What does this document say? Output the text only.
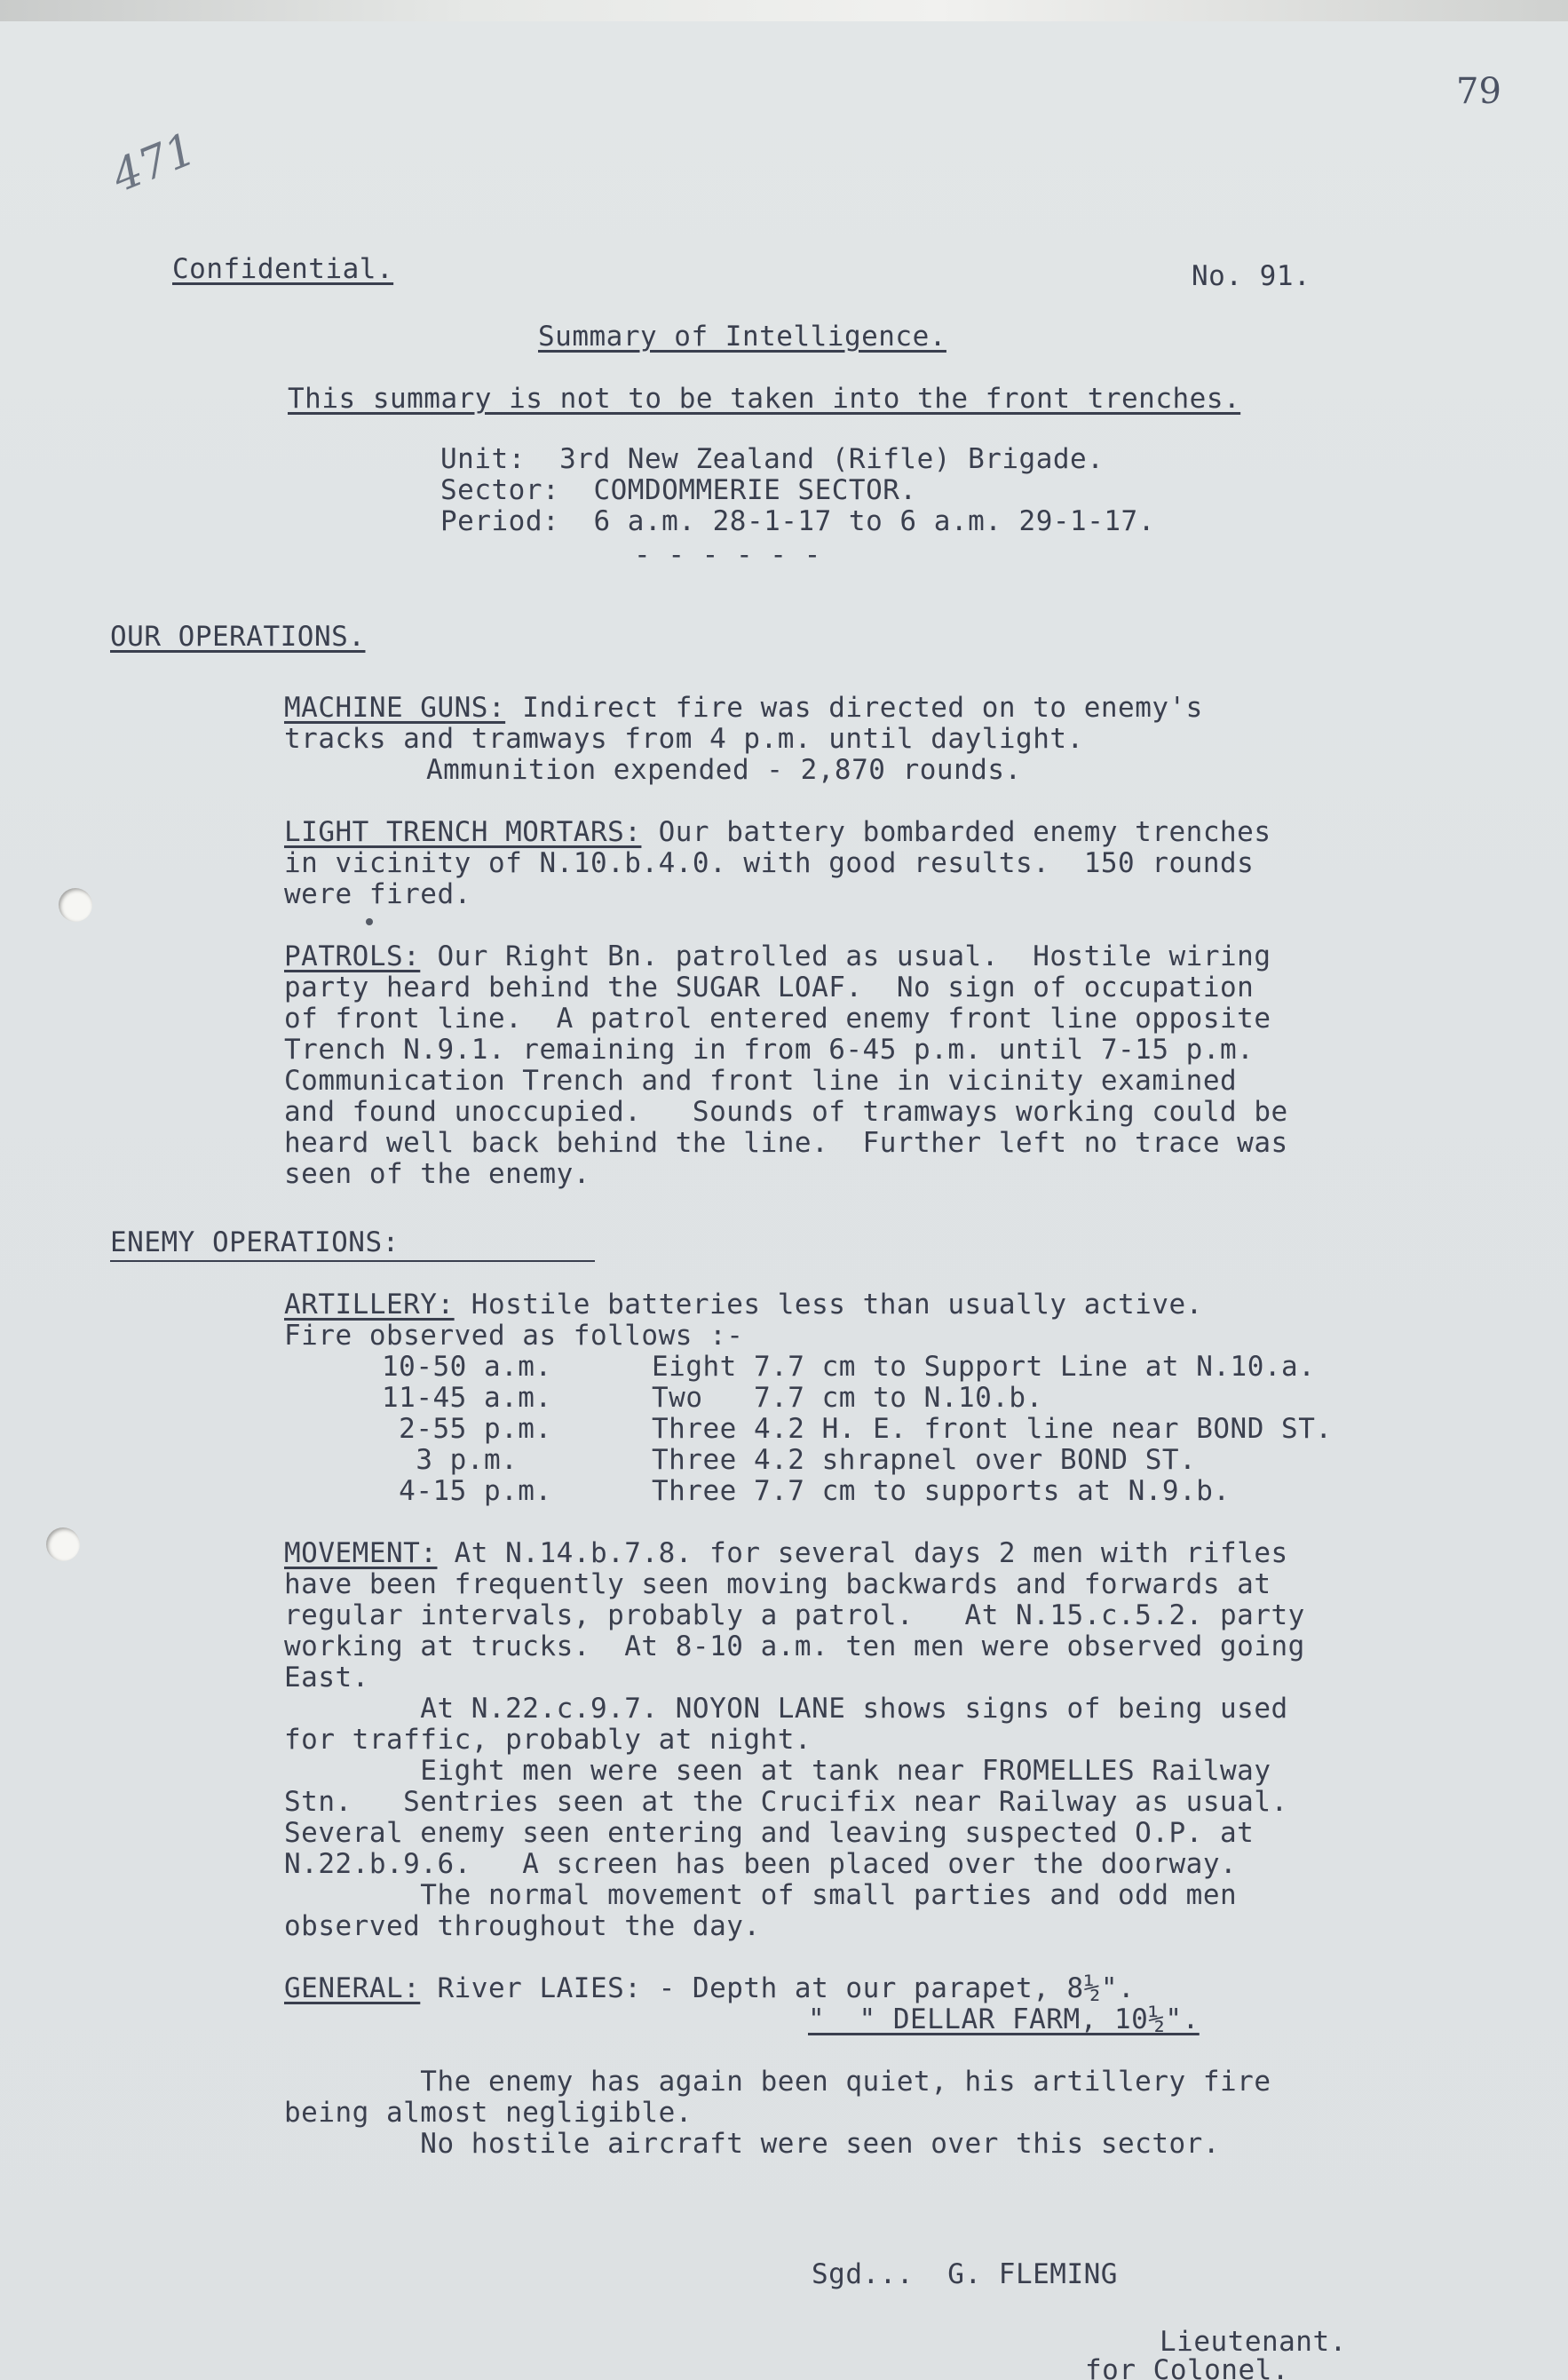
471
79
Confidential.	No. 91.
Summary of Intelligence.
This summary is not to be taken into the front trenches.
Unit:  3rd New Zealand (Rifle) Brigade.
Sector:  COMDOMMERIE SECTOR.
Period:  6 a.m. 28-1-17 to 6 a.m. 29-1-17.
- - - - - -
OUR OPERATIONS.
MACHINE GUNS: Indirect fire was directed on to enemy's
tracks and tramways from 4 p.m. until daylight.
Ammunition expended - 2,870 rounds.
LIGHT TRENCH MORTARS: Our battery bombarded enemy trenches
in vicinity of N.10.b.4.0. with good results.  150 rounds
were fired.
PATROLS: Our Right Bn. patrolled as usual.  Hostile wiring
party heard behind the SUGAR LOAF.  No sign of occupation
of front line.  A patrol entered enemy front line opposite
Trench N.9.1. remaining in from 6-45 p.m. until 7-15 p.m.
Communication Trench and front line in vicinity examined
and found unoccupied.   Sounds of tramways working could be
heard well back behind the line.  Further left no trace was
seen of the enemy.
ENEMY OPERATIONS:
ARTILLERY: Hostile batteries less than usually active.
Fire observed as follows :-
10-50 a.m.	Eight 7.7 cm to Support Line at N.10.a.
11-45 a.m.	Two   7.7 cm to N.10.b.
2-55 p.m.	Three 4.2 H. E. front line near BOND ST.
3 p.m.	Three 4.2 shrapnel over BOND ST.
4-15 p.m.	Three 7.7 cm to supports at N.9.b.
MOVEMENT: At N.14.b.7.8. for several days 2 men with rifles
have been frequently seen moving backwards and forwards at
regular intervals, probably a patrol.   At N.15.c.5.2. party
working at trucks.  At 8-10 a.m. ten men were observed going
East.
At N.22.c.9.7. NOYON LANE shows signs of being used
for traffic, probably at night.
Eight men were seen at tank near FROMELLES Railway
Stn.   Sentries seen at the Crucifix near Railway as usual.
Several enemy seen entering and leaving suspected O.P. at
N.22.b.9.6.   A screen has been placed over the doorway.
The normal movement of small parties and odd men
observed throughout the day.
GENERAL: River LAIES: - Depth at our parapet, 8½".
"  " DELLAR FARM, 10½".
The enemy has again been quiet, his artillery fire
being almost negligible.
No hostile aircraft were seen over this sector.
Sgd...  G. FLEMING
Lieutenant.
for Colonel.
